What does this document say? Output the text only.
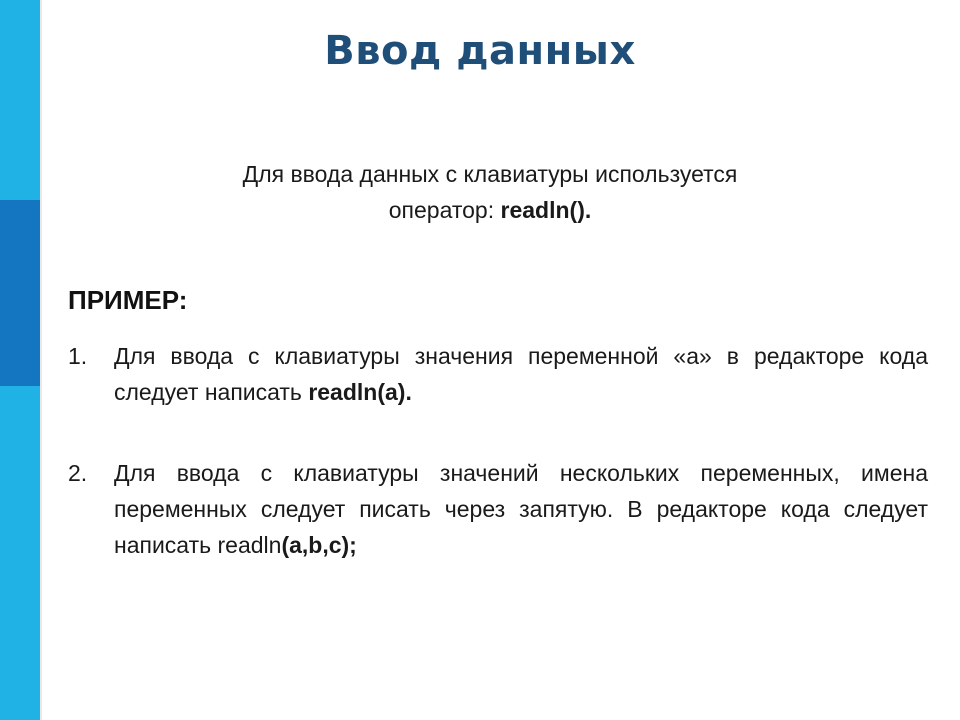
Ввод данных
Для ввода данных с клавиатуры используется
оператор: readln().
ПРИМЕР:
1.	Для ввода с клавиатуры значения переменной «а» в редакторе кода следует написать readln(a).
2.	Для ввода с клавиатуры значений нескольких переменных, имена переменных следует писать через запятую. В редакторе кода следует написать readln(a,b,c);
